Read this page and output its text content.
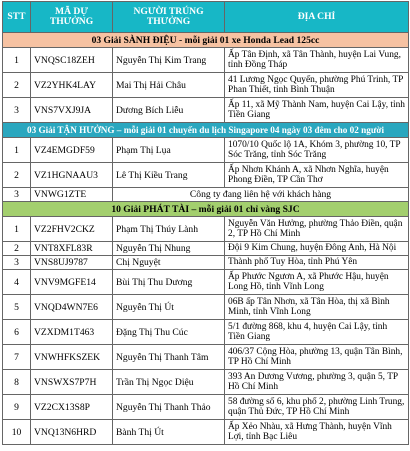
STT	MÃ DỰ THƯỞNG	NGƯỜI TRÚNG THƯỞNG	ĐỊA CHỈ
03 Giải SÀNH ĐIỆU - mỗi giải 01 xe Honda Lead 125cc			
1	VNQSC18ZEH	Nguyễn Thị Kim Trang	Ấp Tân Định, xã Tân Thành, huyện Lai Vung, tỉnh Đồng Tháp
2	VZ2YHK4LAY	Mai Thị Hải Châu	41 Lương Ngọc Quyến, phường Phú Trinh, TP Phan Thiết, tỉnh Bình Thuận
3	VNS7VXJ9JA	Dương Bích Liễu	Ấp 11, xã Mỹ Thành Nam, huyện Cai Lậy, tỉnh Tiền Giang
03 Giải TẬN HƯỞNG – mỗi giải 01 chuyến du lịch Singapore 04 ngày 03 đêm cho 02 người			
1	VZ4EMGDF59	Phạm Thị Lụa	1070/10 Quốc lộ 1A, Khóm 3, phường 10, TP Sóc Trăng, tỉnh Sóc Trăng
2	VZ1HGNAAU3	Lê Thị Kiều Trang	Ấp Nhơn Khánh A, xã Nhơn Nghĩa, huyện Phong Điền, TP Cần Thơ
3	VNWG1ZTE	Công ty đang liên hệ với khách hàng	
10 Giải PHÁT TÀI – mỗi giải 01 chỉ vàng SJC			
1	VZ2FHV2CKZ	Phạm Thị Thúy Lành	Nguyễn Văn Hưởng, phường Thảo Điền, quận 2, TP Hồ Chí Minh
2	VNT8XFL83R	Nguyễn Thị Nhung	Đội 9 Kim Chung, huyện Đông Anh, Hà Nội
3	VNS8UJ9787	Chị Nguyệt	Thành phố Tuy Hòa, tỉnh Phú Yên
4	VNV9MGFE14	Bùi Thị Thu Dương	Ấp Phước Ngươn A, xã Phước Hậu, huyện Long Hồ, tỉnh Vĩnh Long
5	VNQD4WN7E6	Nguyễn Thị Út	06B ấp Tân Nhơn, xã Tân Hòa, thị xã Bình Minh, tỉnh Vĩnh Long
6	VZXDM1T463	Đặng Thị Thu Cúc	5/1 đường 868, khu 4, huyện Cai Lậy, tỉnh Tiền Giang
7	VNWHFKSZEK	Nguyễn Thị Thanh Tâm	406/37 Cộng Hòa, phường 13, quận Tân Bình, TP Hồ Chí Minh
8	VNSWXS7P7H	Trần Thị Ngọc Diệu	393 An Dương Vương, phường 3, quận 5, TP Hồ Chí Minh
9	VZ2CX13S8P	Nguyễn Thị Thanh Thảo	58 đường số 6, khu phố 2, phường Linh Trung, quận Thủ Đức, TP Hồ Chí Minh
10	VNQ13N6HRD	Bành Thị Út	Ấp Xẻo Nhàu, xã Hưng Thành, huyện Vĩnh Lợi, tỉnh Bạc Liêu
